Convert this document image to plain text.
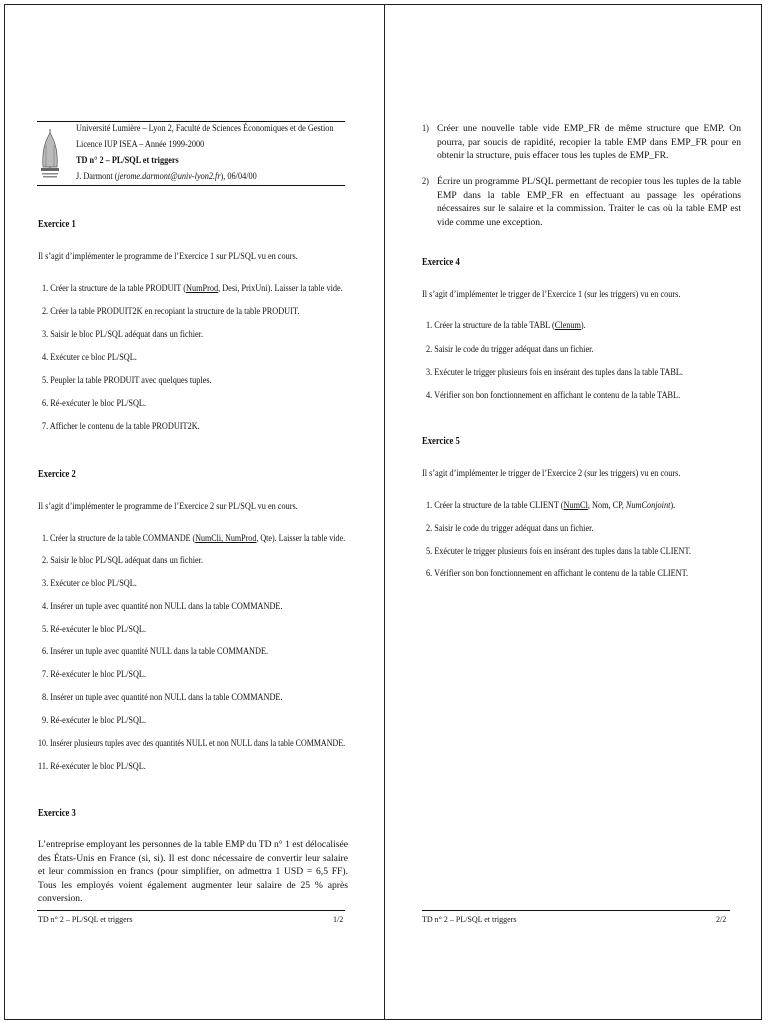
Université Lumière – Lyon 2, Faculté de Sciences Économiques et de Gestion
Licence IUP ISEA – Année 1999-2000
TD n° 2 – PL/SQL et triggers
J. Darmont (jerome.darmont@univ-lyon2.fr), 06/04/00
Exercice 1
Il s’agit d’implémenter le programme de l’Exercice 1 sur PL/SQL vu en cours.
1. Créer la structure de la table PRODUIT (NumProd, Desi, PrixUni). Laisser la table vide.
2. Créer la table PRODUIT2K en recopiant la structure de la table PRODUIT.
3. Saisir le bloc PL/SQL adéquat dans un fichier.
4. Exécuter ce bloc PL/SQL.
5. Peupler la table PRODUIT avec quelques tuples.
6. Ré-exécuter le bloc PL/SQL.
7. Afficher le contenu de la table PRODUIT2K.
Exercice 2
Il s’agit d’implémenter le programme de l’Exercice 2 sur PL/SQL vu en cours.
1. Créer la structure de la table COMMANDE (NumCli, NumProd, Qte). Laisser la table vide.
2. Saisir le bloc PL/SQL adéquat dans un fichier.
3. Exécuter ce bloc PL/SQL.
4. Insérer un tuple avec quantité non NULL dans la table COMMANDE.
5. Ré-exécuter le bloc PL/SQL.
6. Insérer un tuple avec quantité NULL dans la table COMMANDE.
7. Ré-exécuter le bloc PL/SQL.
8. Insérer un tuple avec quantité non NULL dans la table COMMANDE.
9. Ré-exécuter le bloc PL/SQL.
10. Insérer plusieurs tuples avec des quantités NULL et non NULL dans la table COMMANDE.
11. Ré-exécuter le bloc PL/SQL.
Exercice 3
L’entreprise employant les personnes de la table EMP du TD n° 1 est délocalisée des États-Unis en France (si, si). Il est donc nécessaire de convertir leur salaire et leur commission en francs (pour simplifier, on admettra 1 USD = 6,5 FF). Tous les employés voient également augmenter leur salaire de 25 % après conversion.
TD n° 2 – PL/SQL et triggers	1/2
1) Créer une nouvelle table vide EMP_FR de même structure que EMP. On pourra, par soucis de rapidité, recopier la table EMP dans EMP_FR pour en obtenir la structure, puis effacer tous les tuples de EMP_FR.
2) Écrire un programme PL/SQL permettant de recopier tous les tuples de la table EMP dans la table EMP_FR en effectuant au passage les opérations nécessaires sur le salaire et la commission. Traiter le cas où la table EMP est vide comme une exception.
Exercice 4
Il s’agit d’implémenter le trigger de l’Exercice 1 (sur les triggers) vu en cours.
1. Créer la structure de la table TABL (Clenum).
2. Saisir le code du trigger adéquat dans un fichier.
3. Exécuter le trigger plusieurs fois en insérant des tuples dans la table TABL.
4. Vérifier son bon fonctionnement en affichant le contenu de la table TABL.
Exercice 5
Il s’agit d’implémenter le trigger de l’Exercice 2 (sur les triggers) vu en cours.
1. Créer la structure de la table CLIENT (NumCl, Nom, CP, NumConjoint).
2. Saisir le code du trigger adéquat dans un fichier.
5. Exécuter le trigger plusieurs fois en insérant des tuples dans la table CLIENT.
6. Vérifier son bon fonctionnement en affichant le contenu de la table CLIENT.
TD n° 2 – PL/SQL et triggers	2/2
